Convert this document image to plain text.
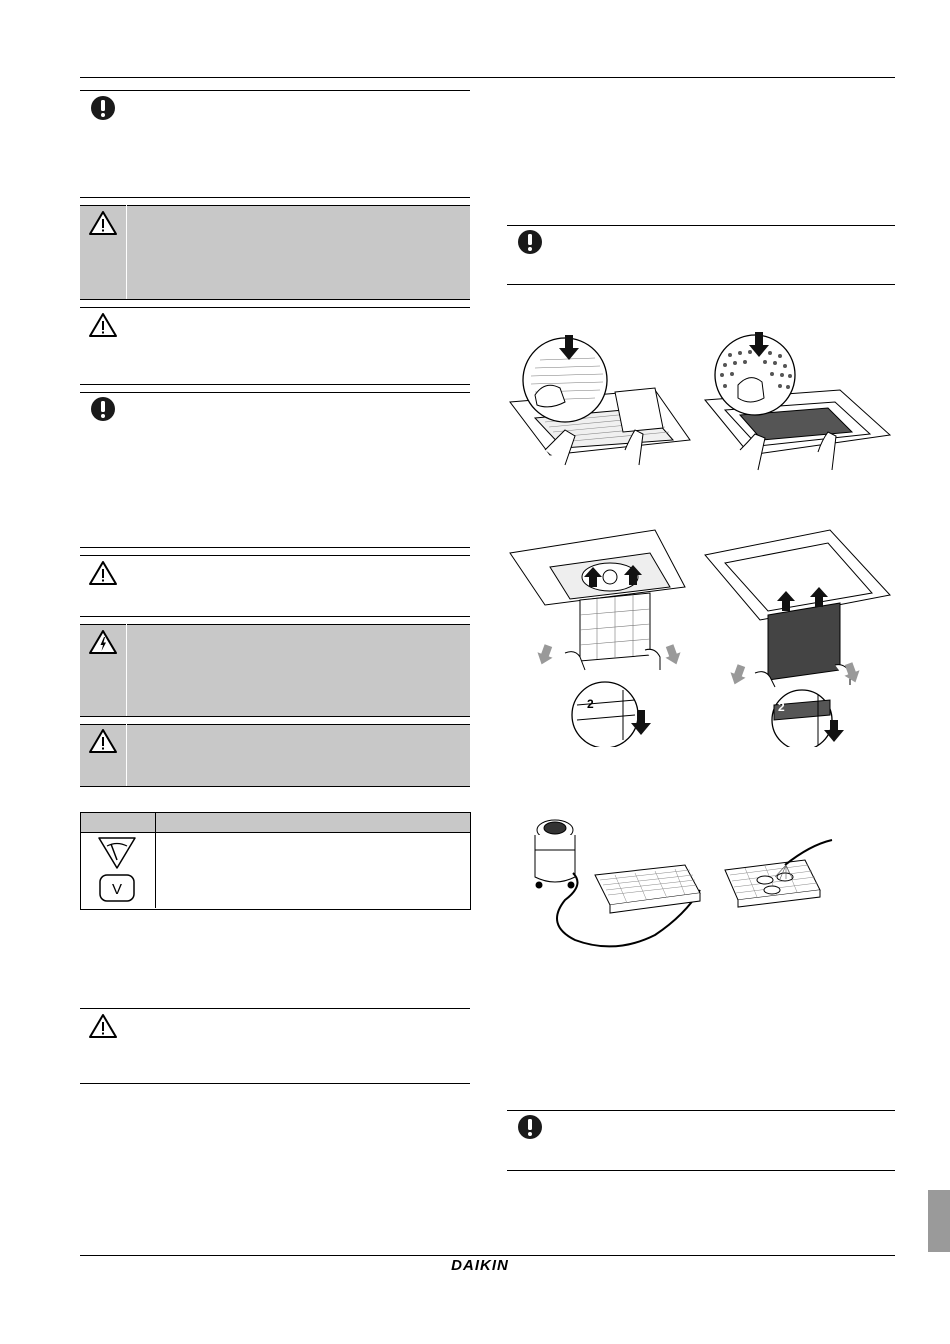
V
2	2
DAIKIN
